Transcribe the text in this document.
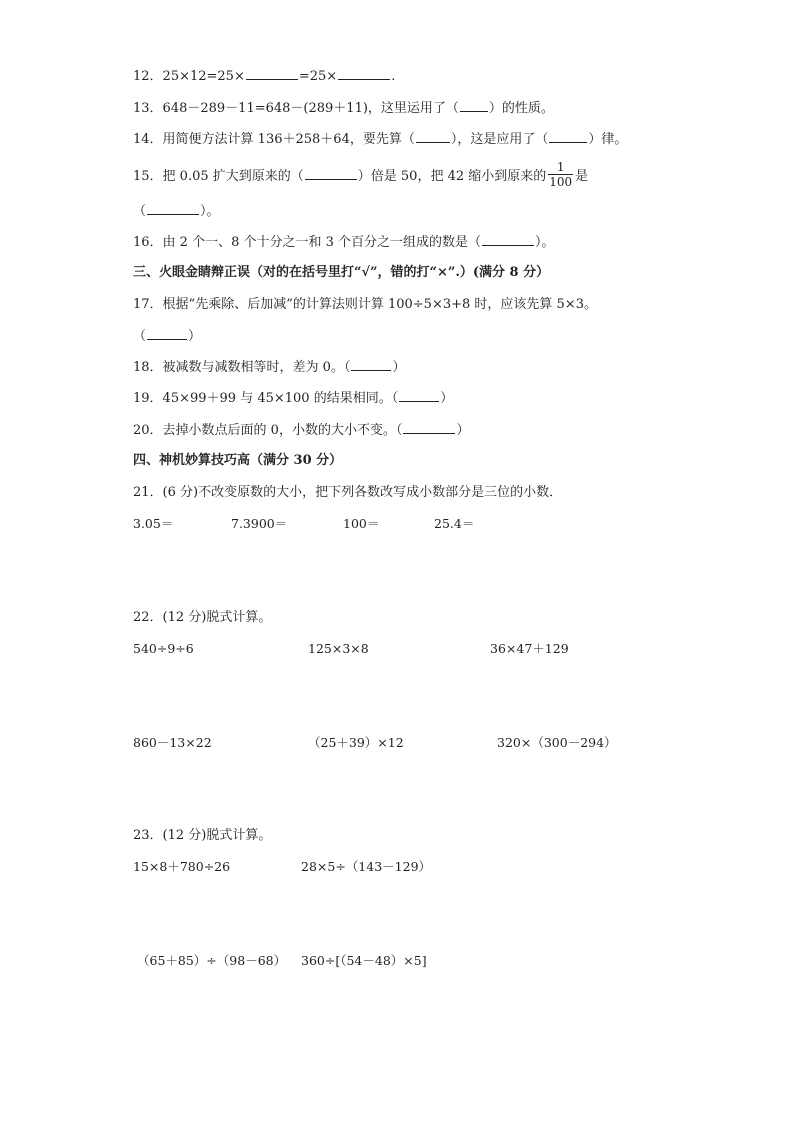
12．25×12=25×	=25×	.
13．648－289－11=648－(289＋11)，这里运用了（ ）的性质。
14．用简便方法计算 136＋258＋64，要先算（	），这是应用了（	）律。
15．把 0.05 扩大到原来的（	）倍是 50，把 42 缩小到原来的 $\frac{1}{100}$ 是
（	）。
16．由 2 个一、8 个十分之一和 3 个百分之一组成的数是（	）。
三、火眼金睛辩正误（对的在括号里打“√”，错的打“×”.）(满分 8 分）
17．根据“先乘除、后加减”的计算法则计算 100÷5×3+8 时，应该先算 5×3。
（	）
18．被减数与减数相等时，差为 0。（	）
19．45×99＋99 与 45×100 的结果相同。（	）
20．去掉小数点后面的 0，小数的大小不变。（	）
四、神机妙算技巧高（满分 30 分）
21．(6 分)不改变原数的大小，把下列各数改写成小数部分是三位的小数．
3.05＝	7.3900＝	100＝	25.4＝
22．(12 分)脱式计算。
540÷9÷6	125×3×8	36×47＋129
860－13×22	（25＋39）×12	320×（300－294）
23．(12 分)脱式计算。
15×8＋780÷26	28×5÷（143－129）
（65＋85）÷（98－68） 360÷[（54－48）×5]
